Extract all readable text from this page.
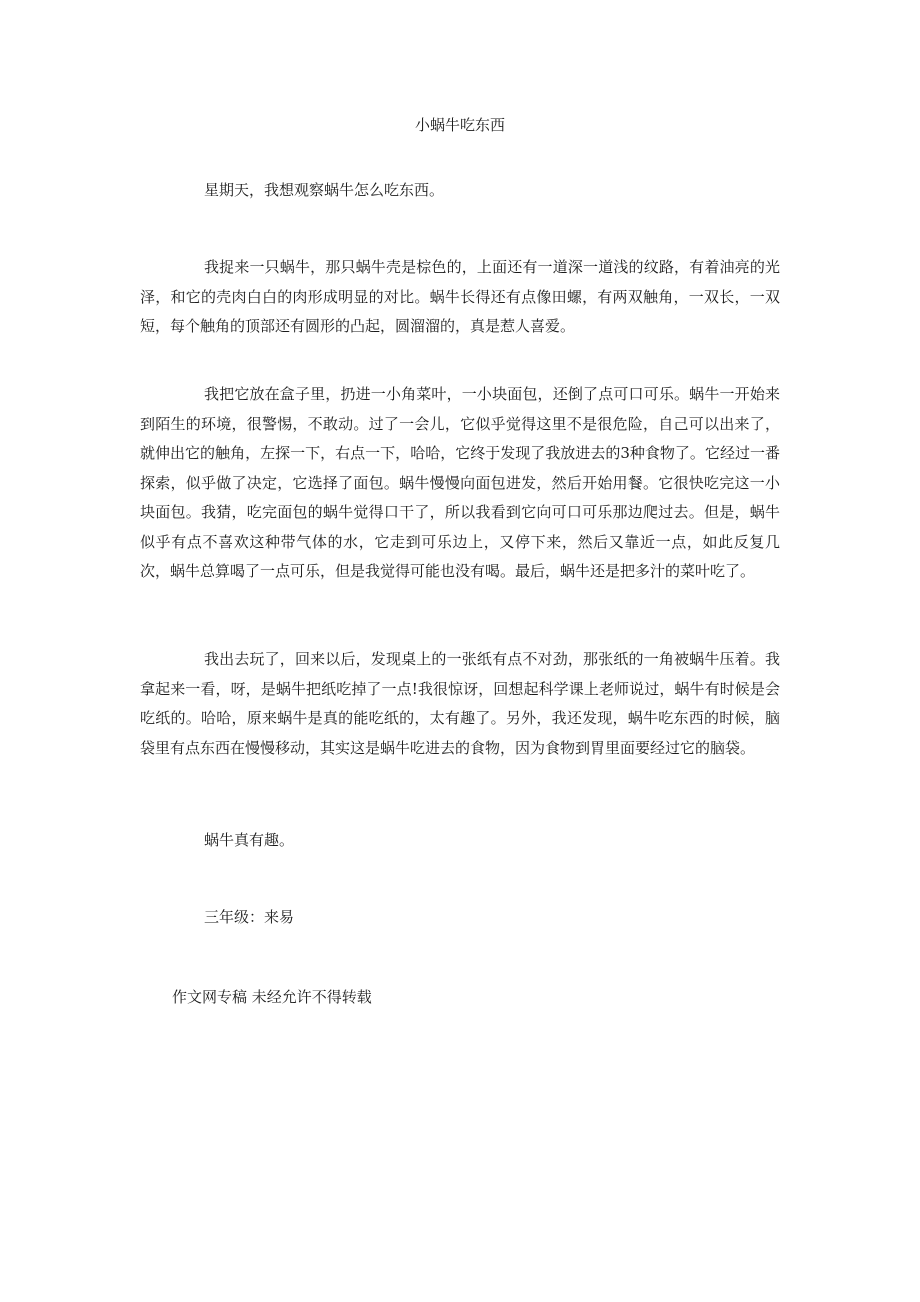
小蜗牛吃东西

星期天，我想观察蜗牛怎么吃东西。

我捉来一只蜗牛，那只蜗牛壳是棕色的，上面还有一道深一道浅的纹路，有着油亮的光泽，和它的壳肉白白的肉形成明显的对比。蜗牛长得还有点像田螺，有两双触角，一双长，一双短，每个触角的顶部还有圆形的凸起，圆溜溜的，真是惹人喜爱。

我把它放在盒子里，扔进一小角菜叶，一小块面包，还倒了点可口可乐。蜗牛一开始来到陌生的环境，很警惕，不敢动。过了一会儿，它似乎觉得这里不是很危险，自己可以出来了，就伸出它的触角，左探一下，右点一下，哈哈，它终于发现了我放进去的3种食物了。它经过一番探索，似乎做了决定，它选择了面包。蜗牛慢慢向面包进发，然后开始用餐。它很快吃完这一小块面包。我猜，吃完面包的蜗牛觉得口干了，所以我看到它向可口可乐那边爬过去。但是，蜗牛似乎有点不喜欢这种带气体的水，它走到可乐边上，又停下来，然后又靠近一点，如此反复几次，蜗牛总算喝了一点可乐，但是我觉得可能也没有喝。最后，蜗牛还是把多汁的菜叶吃了。

我出去玩了，回来以后，发现桌上的一张纸有点不对劲，那张纸的一角被蜗牛压着。我拿起来一看，呀，是蜗牛把纸吃掉了一点!我很惊讶，回想起科学课上老师说过，蜗牛有时候是会吃纸的。哈哈，原来蜗牛是真的能吃纸的，太有趣了。另外，我还发现，蜗牛吃东西的时候，脑袋里有点东西在慢慢移动，其实这是蜗牛吃进去的食物，因为食物到胃里面要经过它的脑袋。

蜗牛真有趣。

三年级：来易

作文网专稿 未经允许不得转载
